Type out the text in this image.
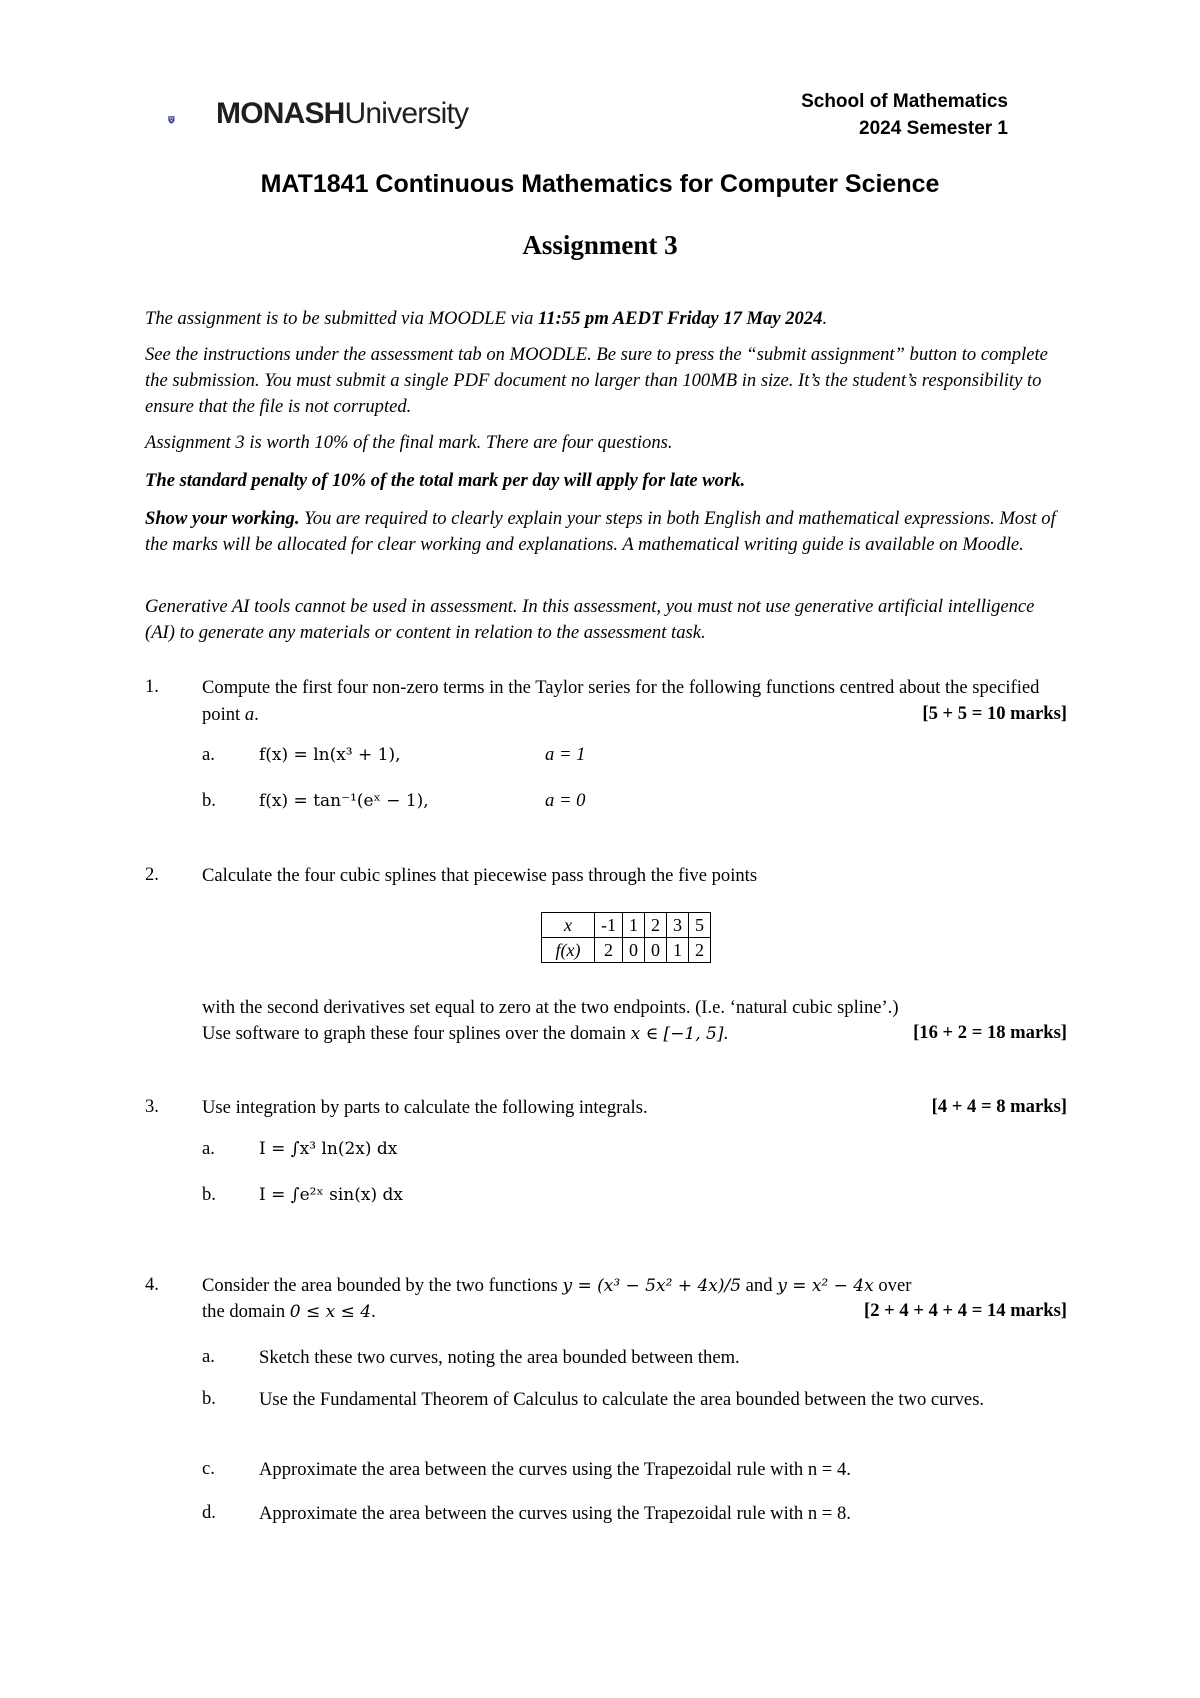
MONASHUniversity	School of Mathematics
2024 Semester 1
MAT1841 Continuous Mathematics for Computer Science
Assignment 3

The assignment is to be submitted via MOODLE via 11:55 pm AEDT Friday 17 May 2024.

See the instructions under the assessment tab on MOODLE. Be sure to press the “submit assignment” button to complete the submission. You must submit a single PDF document no larger than 100MB in size. It’s the student’s responsibility to ensure that the file is not corrupted.

Assignment 3 is worth 10% of the final mark. There are four questions.

The standard penalty of 10% of the total mark per day will apply for late work.

Show your working. You are required to clearly explain your steps in both English and mathematical expressions. Most of the marks will be allocated for clear working and explanations. A mathematical writing guide is available on Moodle.

Generative AI tools cannot be used in assessment. In this assessment, you must not use generative artificial intelligence (AI) to generate any materials or content in relation to the assessment task.

1. Compute the first four non-zero terms in the Taylor series for the following functions centred about the specified point a.	[5 + 5 = 10 marks]
a.	f(x) = ln(x³ + 1),	a = 1
b.	f(x) = tan⁻¹(eˣ − 1),	a = 0
2. Calculate the four cubic splines that piecewise pass through the five points
x	-1	1	2	3	5
f(x)	2	0	0	1	2
with the second derivatives set equal to zero at the two endpoints. (I.e. ‘natural cubic spline’.)
Use software to graph these four splines over the domain x ∈ [−1, 5].	[16 + 2 = 18 marks]
3. Use integration by parts to calculate the following integrals.	[4 + 4 = 8 marks]
a.	I = ∫x³ ln(2x) dx
b.	I = ∫e²ˣ sin(x) dx
4. Consider the area bounded by the two functions y = (x³ − 5x² + 4x)/5 and y = x² − 4x over
the domain 0 ≤ x ≤ 4.	[2 + 4 + 4 + 4 = 14 marks]
a. Sketch these two curves, noting the area bounded between them.
b. Use the Fundamental Theorem of Calculus to calculate the area bounded between the two curves.
c. Approximate the area between the curves using the Trapezoidal rule with n = 4.
d. Approximate the area between the curves using the Trapezoidal rule with n = 8.
